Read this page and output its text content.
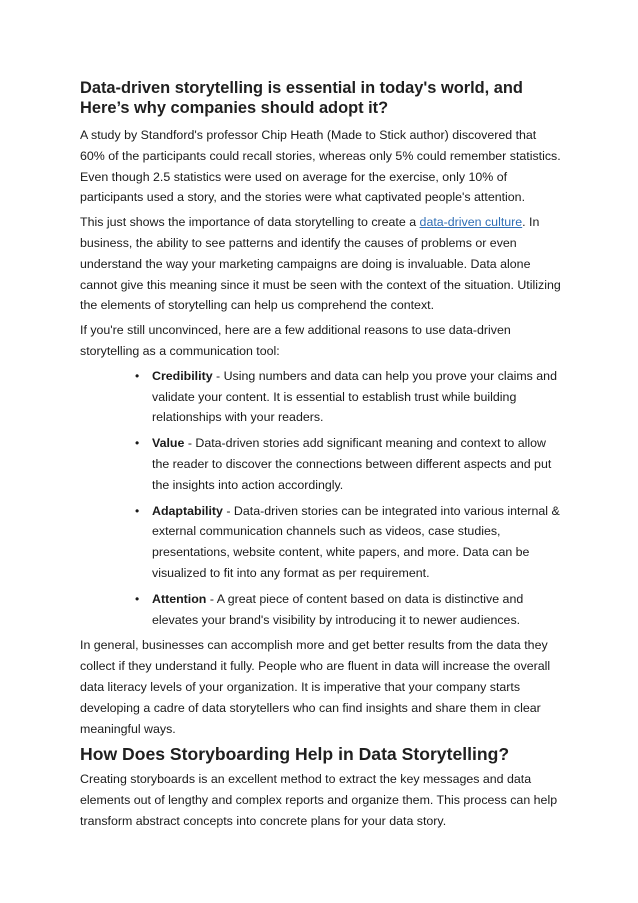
Data-driven storytelling is essential in today's world, and Here’s why companies should adopt it?

A study by Standford's professor Chip Heath (Made to Stick author) discovered that 60% of the participants could recall stories, whereas only 5% could remember statistics. Even though 2.5 statistics were used on average for the exercise, only 10% of participants used a story, and the stories were what captivated people's attention.

This just shows the importance of data storytelling to create a data-driven culture. In business, the ability to see patterns and identify the causes of problems or even understand the way your marketing campaigns are doing is invaluable. Data alone cannot give this meaning since it must be seen with the context of the situation. Utilizing the elements of storytelling can help us comprehend the context.

If you're still unconvinced, here are a few additional reasons to use data-driven storytelling as a communication tool:

• Credibility - Using numbers and data can help you prove your claims and validate your content. It is essential to establish trust while building relationships with your readers.
• Value - Data-driven stories add significant meaning and context to allow the reader to discover the connections between different aspects and put the insights into action accordingly.
• Adaptability - Data-driven stories can be integrated into various internal & external communication channels such as videos, case studies, presentations, website content, white papers, and more. Data can be visualized to fit into any format as per requirement.
• Attention - A great piece of content based on data is distinctive and elevates your brand's visibility by introducing it to newer audiences.

In general, businesses can accomplish more and get better results from the data they collect if they understand it fully. People who are fluent in data will increase the overall data literacy levels of your organization. It is imperative that your company starts developing a cadre of data storytellers who can find insights and share them in clear meaningful ways.

How Does Storyboarding Help in Data Storytelling?

Creating storyboards is an excellent method to extract the key messages and data elements out of lengthy and complex reports and organize them. This process can help transform abstract concepts into concrete plans for your data story.
